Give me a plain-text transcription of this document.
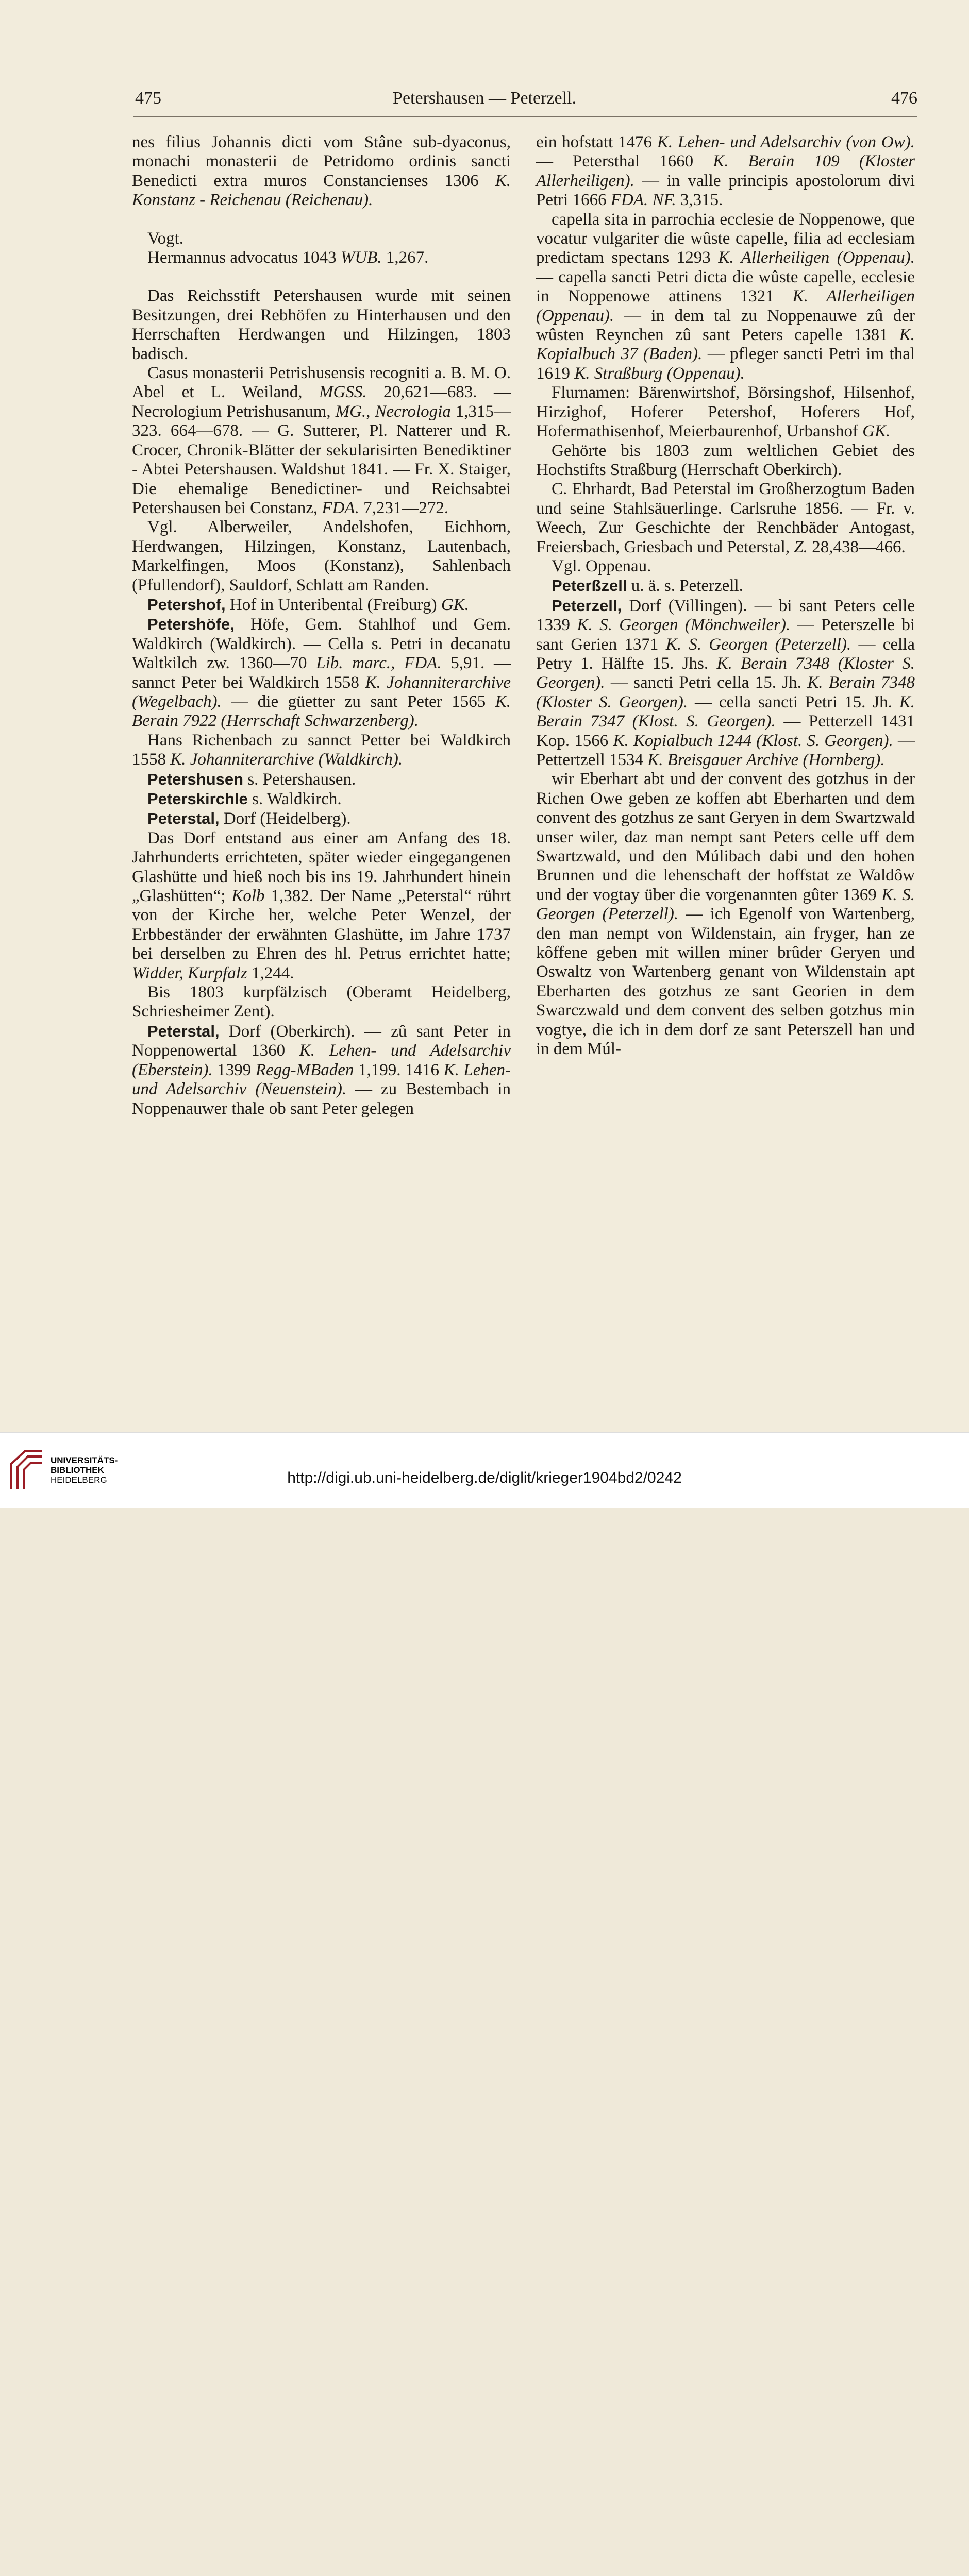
475	Petershausen — Peterzell.	476

nes filius Johannis dicti vom Stâne sub-dyaconus, monachi monasterii de Petridomo ordinis sancti Benedicti extra muros Constancienses 1306 K. Konstanz - Reichenau (Reichenau).

Vogt.

Hermannus advocatus 1043 WUB. 1,267.

Das Reichsstift Petershausen wurde mit seinen Besitzungen, drei Rebhöfen zu Hinterhausen und den Herrschaften Herdwangen und Hilzingen, 1803 badisch.

Casus monasterii Petrishusensis recogniti a. B. M. O. Abel et L. Weiland, MGSS. 20,621—683. — Necrologium Petrishusanum, MG., Necrologia 1,315—323. 664—678. — G. Sutterer, Pl. Natterer und R. Crocer, Chronik-Blätter der sekularisirten Benediktiner - Abtei Petershausen. Waldshut 1841. — Fr. X. Staiger, Die ehemalige Benedictiner- und Reichsabtei Petershausen bei Constanz, FDA. 7,231—272.

Vgl. Alberweiler, Andelshofen, Eichhorn, Herdwangen, Hilzingen, Konstanz, Lautenbach, Markelfingen, Moos (Konstanz), Sahlenbach (Pfullendorf), Sauldorf, Schlatt am Randen.

Petershof, Hof in Unteribental (Freiburg) GK.

Petershöfe, Höfe, Gem. Stahlhof und Gem. Waldkirch (Waldkirch). — Cella s. Petri in decanatu Waltkilch zw. 1360—70 Lib. marc., FDA. 5,91. — sannct Peter bei Waldkirch 1558 K. Johanniterarchive (Wegelbach). — die güetter zu sant Peter 1565 K. Berain 7922 (Herrschaft Schwarzenberg).

Hans Richenbach zu sannct Petter bei Waldkirch 1558 K. Johanniterarchive (Waldkirch).

Petershusen s. Petershausen.

Peterskirchle s. Waldkirch.

Peterstal, Dorf (Heidelberg).

Das Dorf entstand aus einer am Anfang des 18. Jahrhunderts errichteten, später wieder eingegangenen Glashütte und hieß noch bis ins 19. Jahrhundert hinein „Glashütten“; Kolb 1,382. Der Name „Peterstal“ rührt von der Kirche her, welche Peter Wenzel, der Erbbeständer der erwähnten Glashütte, im Jahre 1737 bei derselben zu Ehren des hl. Petrus errichtet hatte; Widder, Kurpfalz 1,244.

Bis 1803 kurpfälzisch (Oberamt Heidelberg, Schriesheimer Zent).

Peterstal, Dorf (Oberkirch). — zû sant Peter in Noppenowertal 1360 K. Lehen- und Adelsarchiv (Eberstein). 1399 Regg-MBaden 1,199. 1416 K. Lehen- und Adelsarchiv (Neuenstein). — zu Bestembach in Noppenauwer thale ob sant Peter gelegen

ein hofstatt 1476 K. Lehen- und Adelsarchiv (von Ow). — Petersthal 1660 K. Berain 109 (Kloster Allerheiligen). — in valle principis apostolorum divi Petri 1666 FDA. NF. 3,315.

capella sita in parrochia ecclesie de Noppenowe, que vocatur vulgariter die wûste capelle, filia ad ecclesiam predictam spectans 1293 K. Allerheiligen (Oppenau). — capella sancti Petri dicta die wûste capelle, ecclesie in Noppenowe attinens 1321 K. Allerheiligen (Oppenau). — in dem tal zu Noppenauwe zû der wûsten Reynchen zû sant Peters capelle 1381 K. Kopialbuch 37 (Baden). — pfleger sancti Petri im thal 1619 K. Straßburg (Oppenau).

Flurnamen: Bärenwirtshof, Börsingshof, Hilsenhof, Hirzighof, Hoferer Petershof, Hoferers Hof, Hofermathisenhof, Meierbaurenhof, Urbanshof GK.

Gehörte bis 1803 zum weltlichen Gebiet des Hochstifts Straßburg (Herrschaft Oberkirch).

C. Ehrhardt, Bad Peterstal im Großherzogtum Baden und seine Stahlsäuerlinge. Carlsruhe 1856. — Fr. v. Weech, Zur Geschichte der Renchbäder Antogast, Freiersbach, Griesbach und Peterstal, Z. 28,438—466.

Vgl. Oppenau.

Peterßzell u. ä. s. Peterzell.

Peterzell, Dorf (Villingen). — bi sant Peters celle 1339 K. S. Georgen (Mönchweiler). — Peterszelle bi sant Gerien 1371 K. S. Georgen (Peterzell). — cella Petry 1. Hälfte 15. Jhs. K. Berain 7348 (Kloster S. Georgen). — sancti Petri cella 15. Jh. K. Berain 7348 (Kloster S. Georgen). — cella sancti Petri 15. Jh. K. Berain 7347 (Klost. S. Georgen). — Petterzell 1431 Kop. 1566 K. Kopialbuch 1244 (Klost. S. Georgen). — Pettertzell 1534 K. Breisgauer Archive (Hornberg).

wir Eberhart abt und der convent des gotzhus in der Richen Owe geben ze koffen abt Eberharten und dem convent des gotzhus ze sant Geryen in dem Swartzwald unser wiler, daz man nempt sant Peters celle uff dem Swartzwald, und den Múlibach dabi und den hohen Brunnen und die lehenschaft der hoffstat ze Waldôw und der vogtay über die vorgenannten gûter 1369 K. S. Georgen (Peterzell). — ich Egenolf von Wartenberg, den man nempt von Wildenstain, ain fryger, han ze kôffene geben mit willen miner brûder Geryen und Oswaltz von Wartenberg genant von Wildenstain apt Eberharten des gotzhus ze sant Georien in dem Swarczwald und dem convent des selben gotzhus min vogtye, die ich in dem dorf ze sant Peterszell han und in dem Múl-

UNIVERSITÄTS-
BIBLIOTHEK
HEIDELBERG	http://digi.ub.uni-heidelberg.de/diglit/krieger1904bd2/0242
